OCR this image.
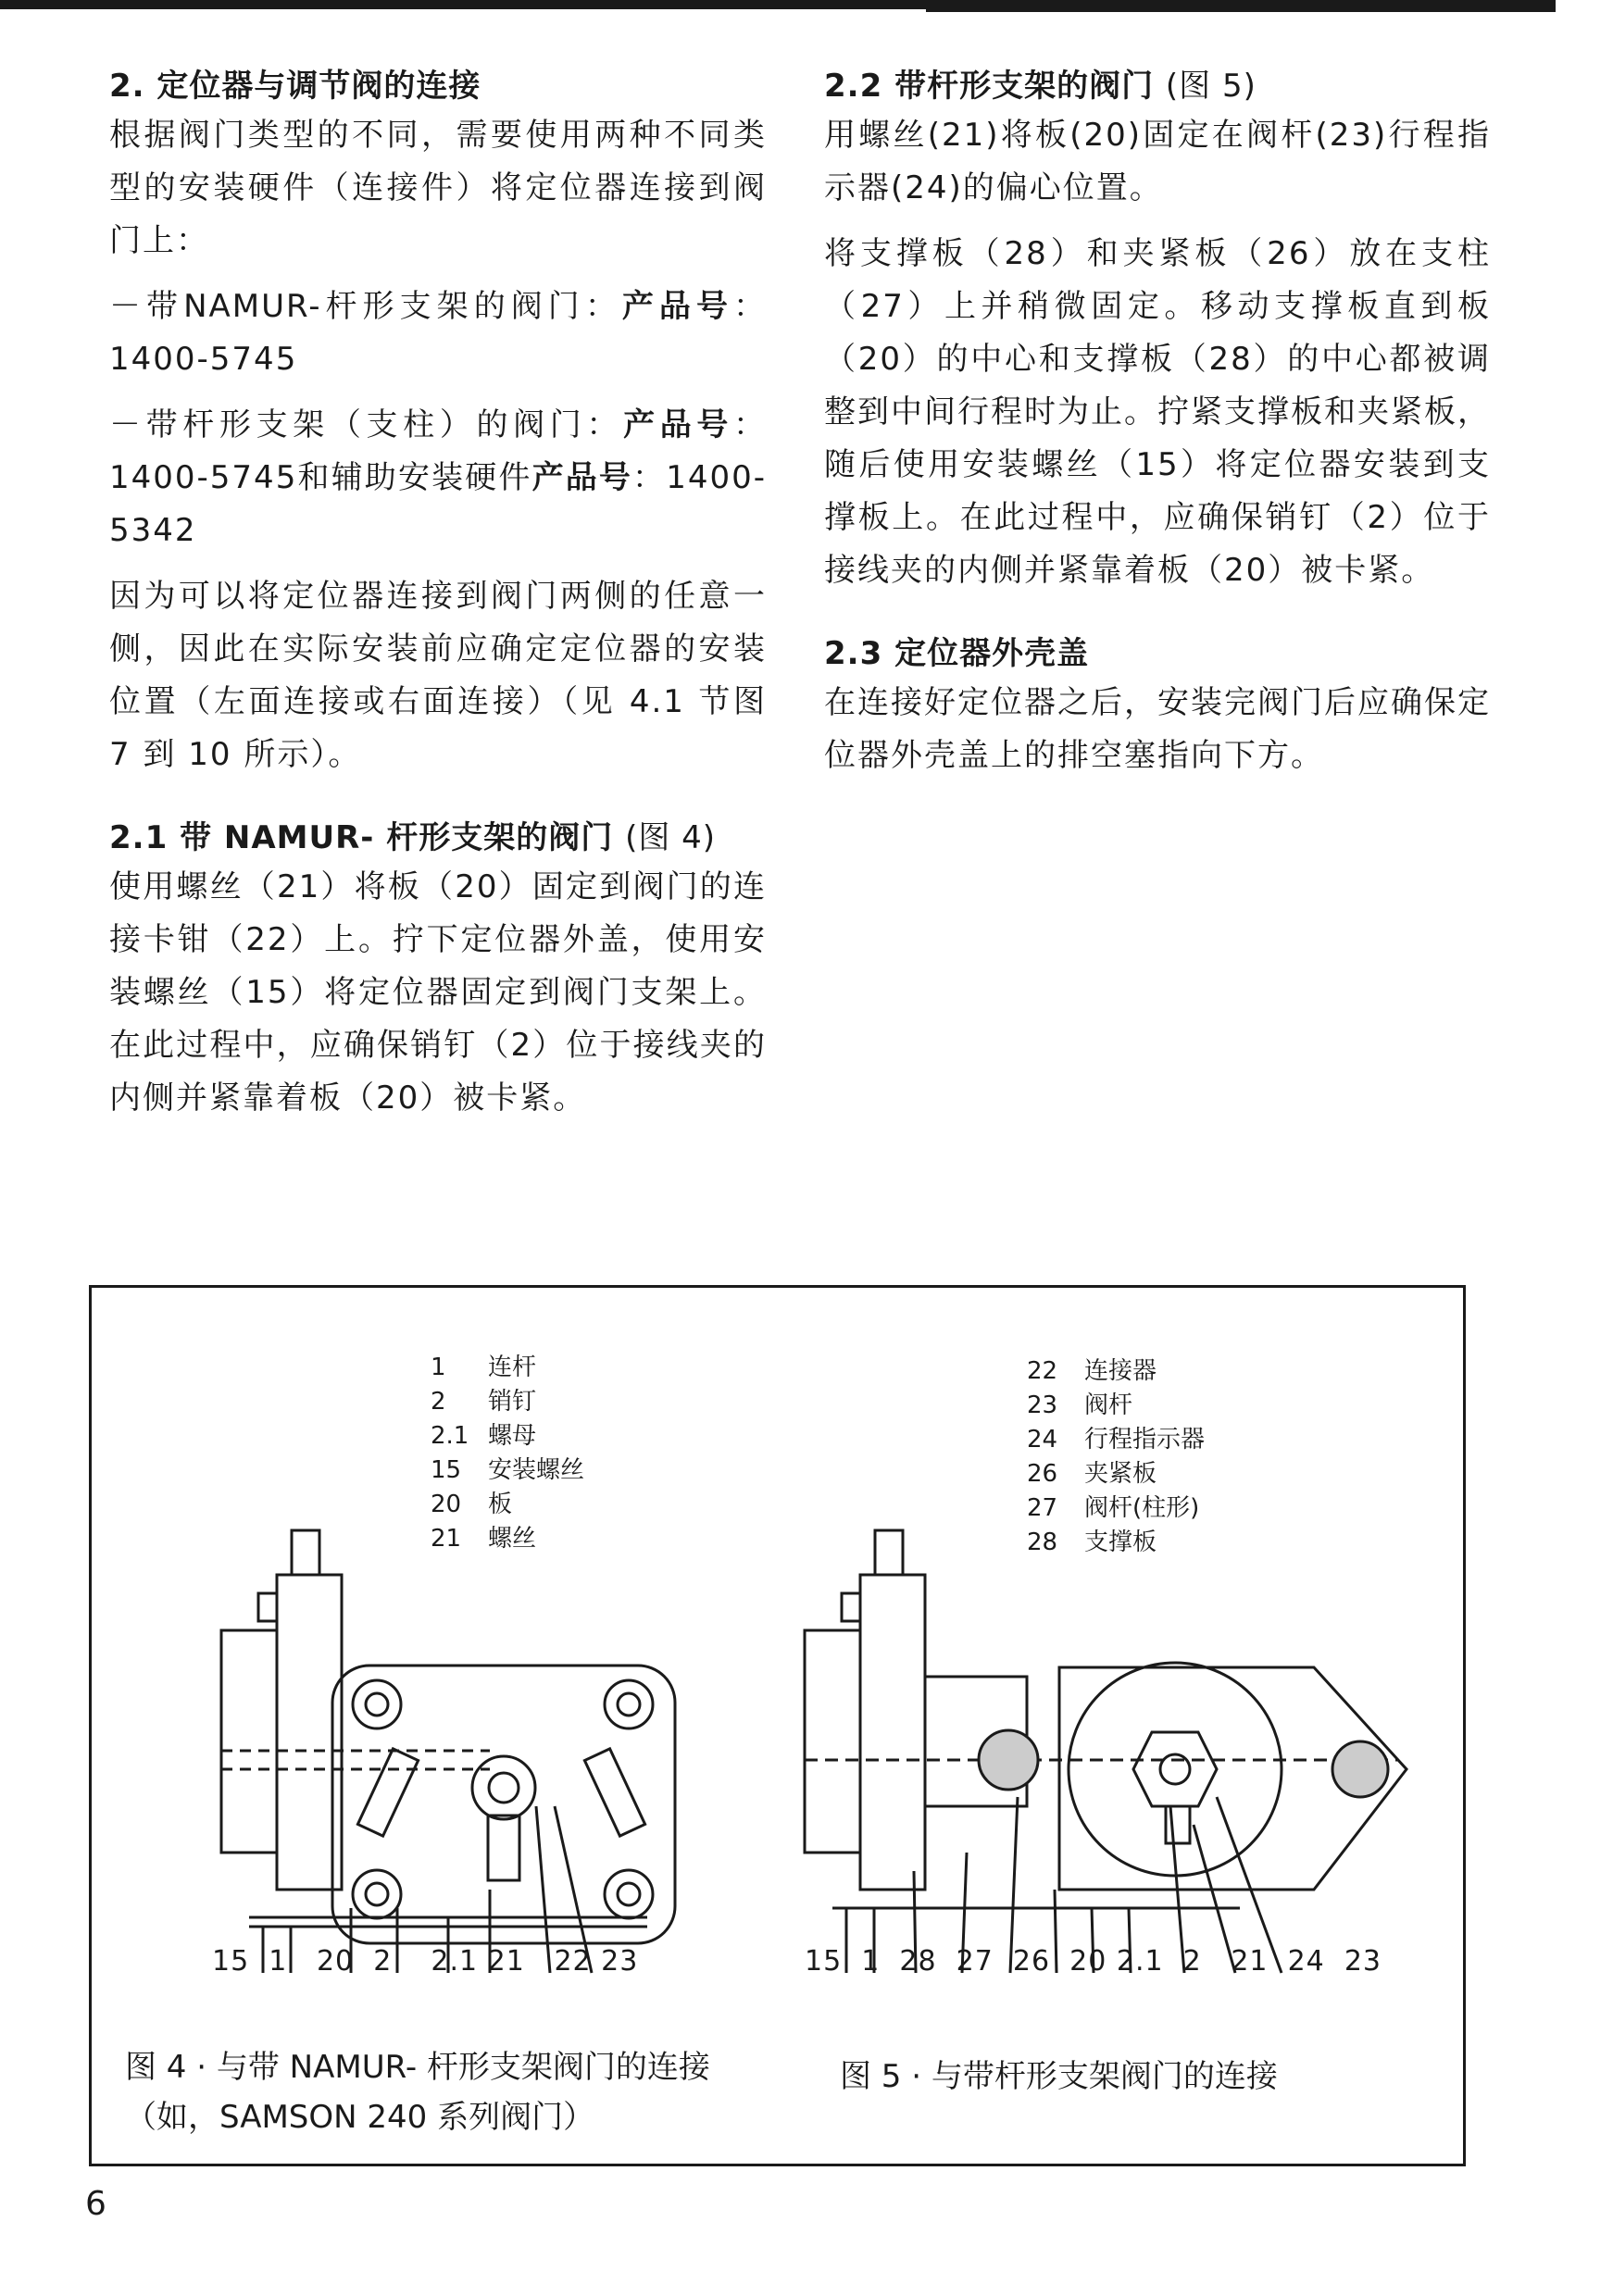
2. 定位器与调节阀的连接

根据阀门类型的不同，需要使用两种不同类型的安装硬件（连接件）将定位器连接到阀门上：

－带NAMUR-杆形支架的阀门：产品号：1400-5745

－带杆形支架（支柱）的阀门：产品号：1400-5745和辅助安装硬件产品号：1400-5342

因为可以将定位器连接到阀门两侧的任意一侧，因此在实际安装前应确定定位器的安装位置（左面连接或右面连接）（见 4.1 节图 7 到 10 所示）。

2.1 带 NAMUR- 杆形支架的阀门 (图 4)

使用螺丝（21）将板（20）固定到阀门的连接卡钳（22）上。拧下定位器外盖，使用安装螺丝（15）将定位器固定到阀门支架上。在此过程中，应确保销钉（2）位于接线夹的内侧并紧靠着板（20）被卡紧。

2.2 带杆形支架的阀门 (图 5)

用螺丝(21)将板(20)固定在阀杆(23)行程指示器(24)的偏心位置。

将支撑板（28）和夹紧板（26）放在支柱（27）上并稍微固定。移动支撑板直到板（20）的中心和支撑板（28）的中心都被调整到中间行程时为止。拧紧支撑板和夹紧板，随后使用安装螺丝（15）将定位器安装到支撑板上。在此过程中，应确保销钉（2）位于接线夹的内侧并紧靠着板（20）被卡紧。

2.3 定位器外壳盖

在连接好定位器之后，安装完阀门后应确保定位器外壳盖上的排空塞指向下方。

1	连杆
2	销钉
2.1 螺母
15	安装螺丝
20	板
21	螺丝
22	连接器
23	阀杆
24	行程指示器
26	夹紧板
27	阀杆(柱形)
28	支撑板
15  1   20  2    2.1 21   22 23	15  1  28  27  26  20 2.1  2   21  24  23
图 4 · 与带 NAMUR- 杆形支架阀门的连接
（如，SAMSON 240 系列阀门）
图 5 · 与带杆形支架阀门的连接
6
